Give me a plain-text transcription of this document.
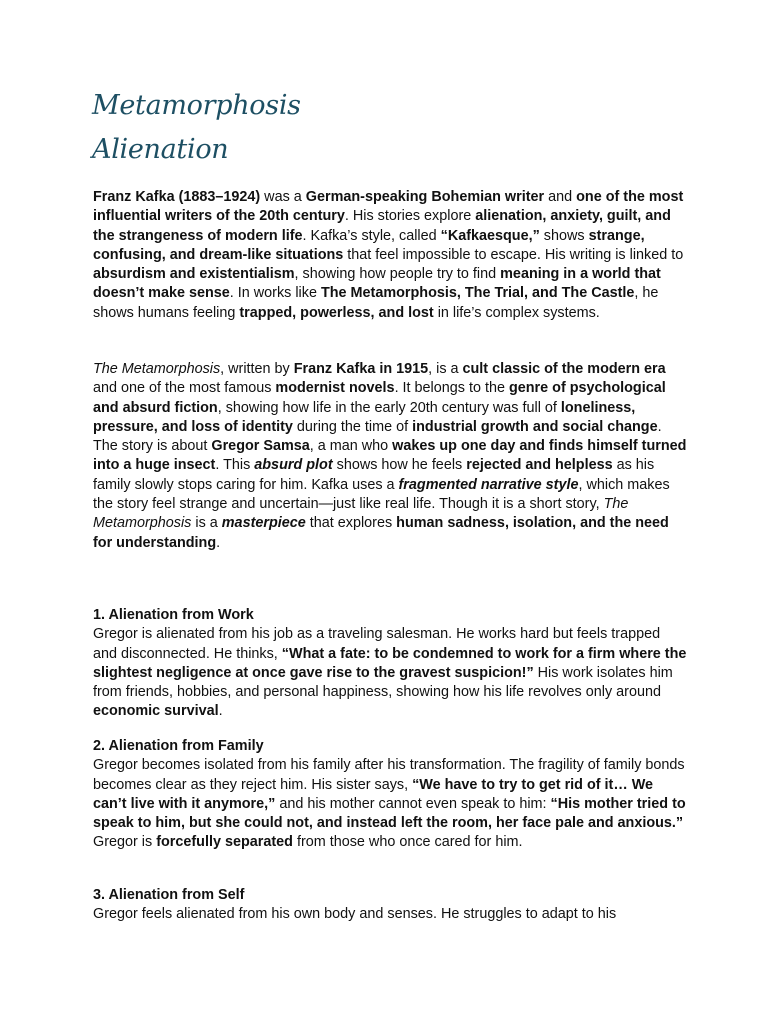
Metamorphosis
Alienation

Franz Kafka (1883–1924) was a German-speaking Bohemian writer and one of the most influential writers of the 20th century. His stories explore alienation, anxiety, guilt, and the strangeness of modern life. Kafka’s style, called “Kafkaesque,” shows strange, confusing, and dream-like situations that feel impossible to escape. His writing is linked to absurdism and existentialism, showing how people try to find meaning in a world that doesn’t make sense. In works like The Metamorphosis, The Trial, and The Castle, he shows humans feeling trapped, powerless, and lost in life’s complex systems.

The Metamorphosis, written by Franz Kafka in 1915, is a cult classic of the modern era and one of the most famous modernist novels. It belongs to the genre of psychological and absurd fiction, showing how life in the early 20th century was full of loneliness, pressure, and loss of identity during the time of industrial growth and social change. The story is about Gregor Samsa, a man who wakes up one day and finds himself turned into a huge insect. This absurd plot shows how he feels rejected and helpless as his family slowly stops caring for him. Kafka uses a fragmented narrative style, which makes the story feel strange and uncertain—just like real life. Though it is a short story, The Metamorphosis is a masterpiece that explores human sadness, isolation, and the need for understanding.

1. Alienation from Work
Gregor is alienated from his job as a traveling salesman. He works hard but feels trapped and disconnected. He thinks, “What a fate: to be condemned to work for a firm where the slightest negligence at once gave rise to the gravest suspicion!” His work isolates him from friends, hobbies, and personal happiness, showing how his life revolves only around economic survival.
2. Alienation from Family
Gregor becomes isolated from his family after his transformation. The fragility of family bonds becomes clear as they reject him. His sister says, “We have to try to get rid of it… We can’t live with it anymore,” and his mother cannot even speak to him: “His mother tried to speak to him, but she could not, and instead left the room, her face pale and anxious.” Gregor is forcefully separated from those who once cared for him.
3. Alienation from Self
Gregor feels alienated from his own body and senses. He struggles to adapt to his
